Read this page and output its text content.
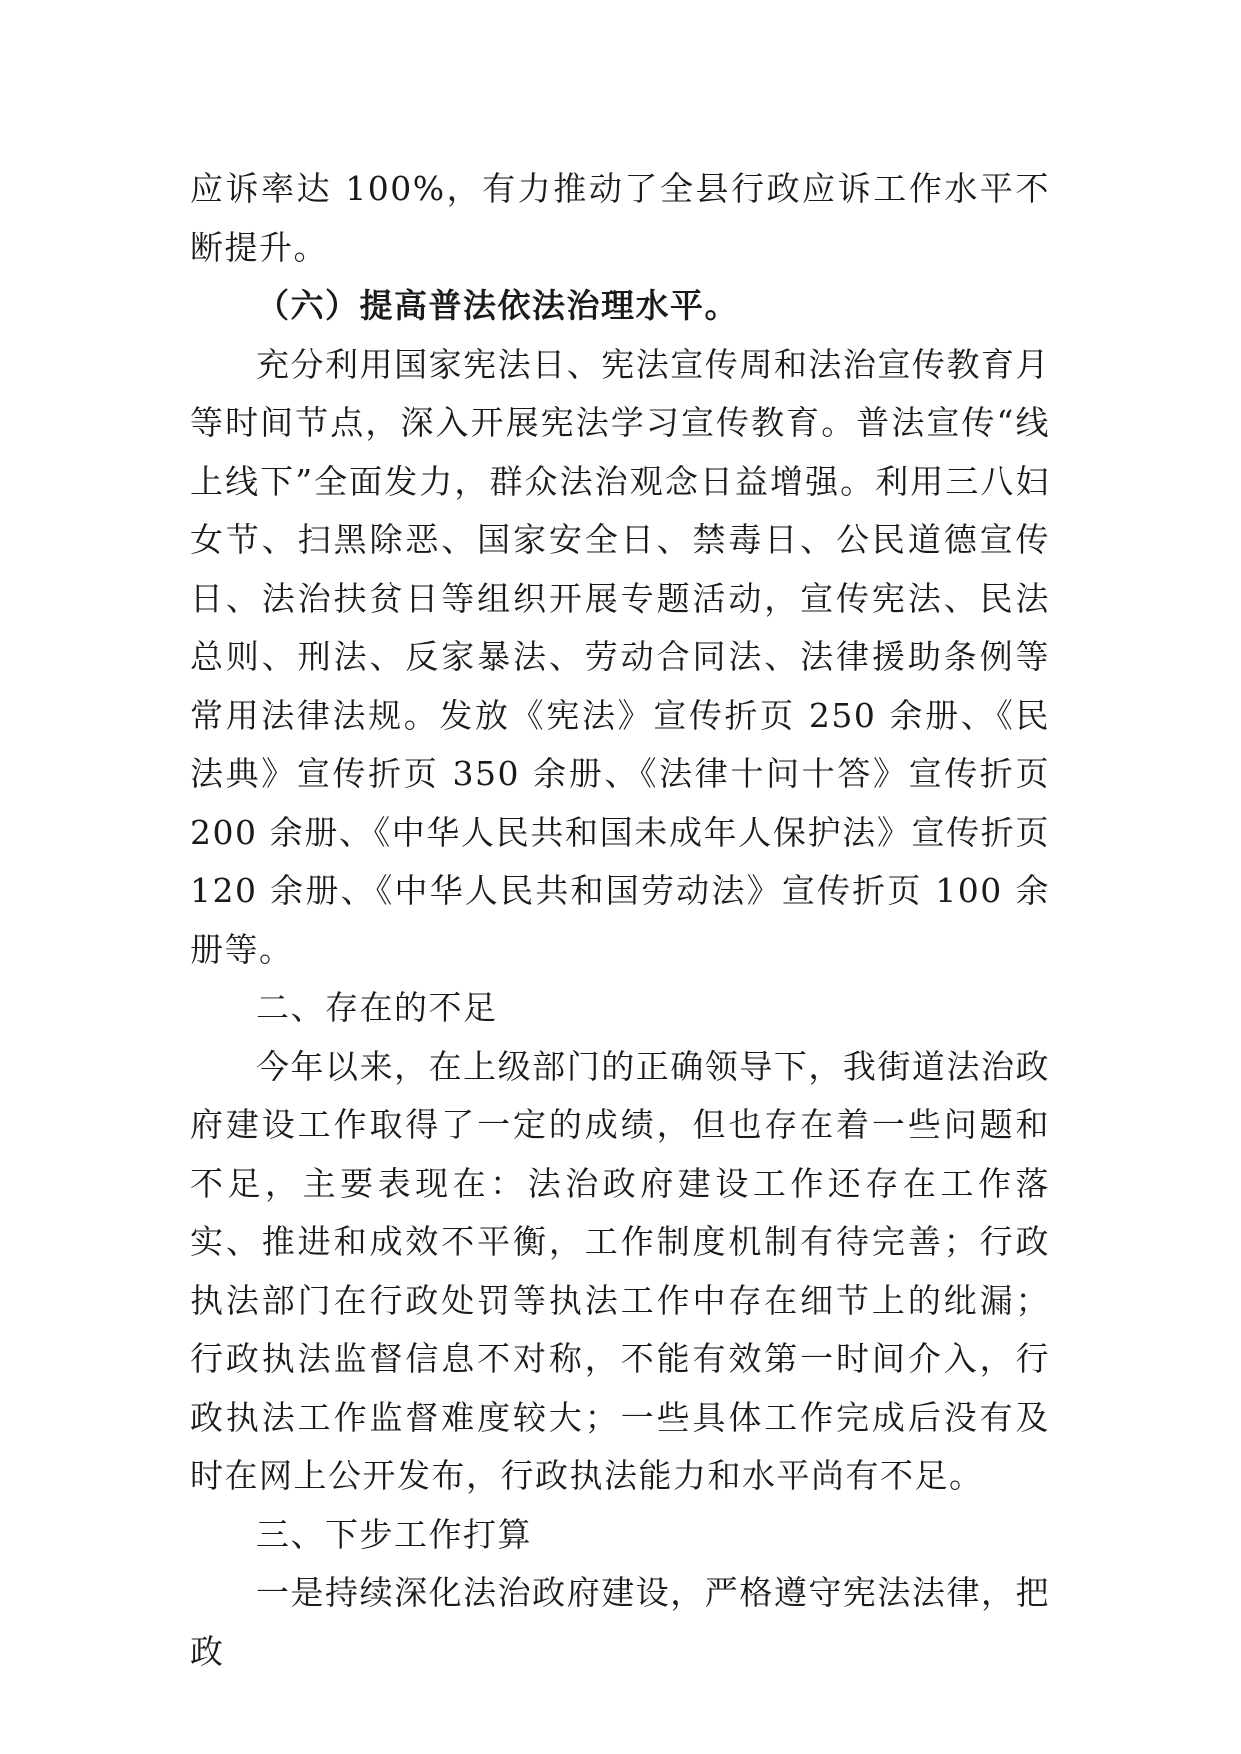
应诉率达 100%，有力推动了全县行政应诉工作水平不断提升。

（六）提高普法依法治理水平。

充分利用国家宪法日、宪法宣传周和法治宣传教育月等时间节点，深入开展宪法学习宣传教育。普法宣传“线上线下”全面发力，群众法治观念日益增强。利用三八妇女节、扫黑除恶、国家安全日、禁毒日、公民道德宣传日、法治扶贫日等组织开展专题活动，宣传宪法、民法总则、刑法、反家暴法、劳动合同法、法律援助条例等常用法律法规。发放《宪法》宣传折页 250 余册、《民法典》宣传折页 350 余册、《法律十问十答》宣传折页 200 余册、《中华人民共和国未成年人保护法》宣传折页 120 余册、《中华人民共和国劳动法》宣传折页 100 余册等。

二、存在的不足

今年以来，在上级部门的正确领导下，我街道法治政府建设工作取得了一定的成绩，但也存在着一些问题和不足，主要表现在：法治政府建设工作还存在工作落实、推进和成效不平衡，工作制度机制有待完善；行政执法部门在行政处罚等执法工作中存在细节上的纰漏；行政执法监督信息不对称，不能有效第一时间介入，行政执法工作监督难度较大；一些具体工作完成后没有及时在网上公开发布，行政执法能力和水平尚有不足。

三、下步工作打算

一是持续深化法治政府建设，严格遵守宪法法律，把政
